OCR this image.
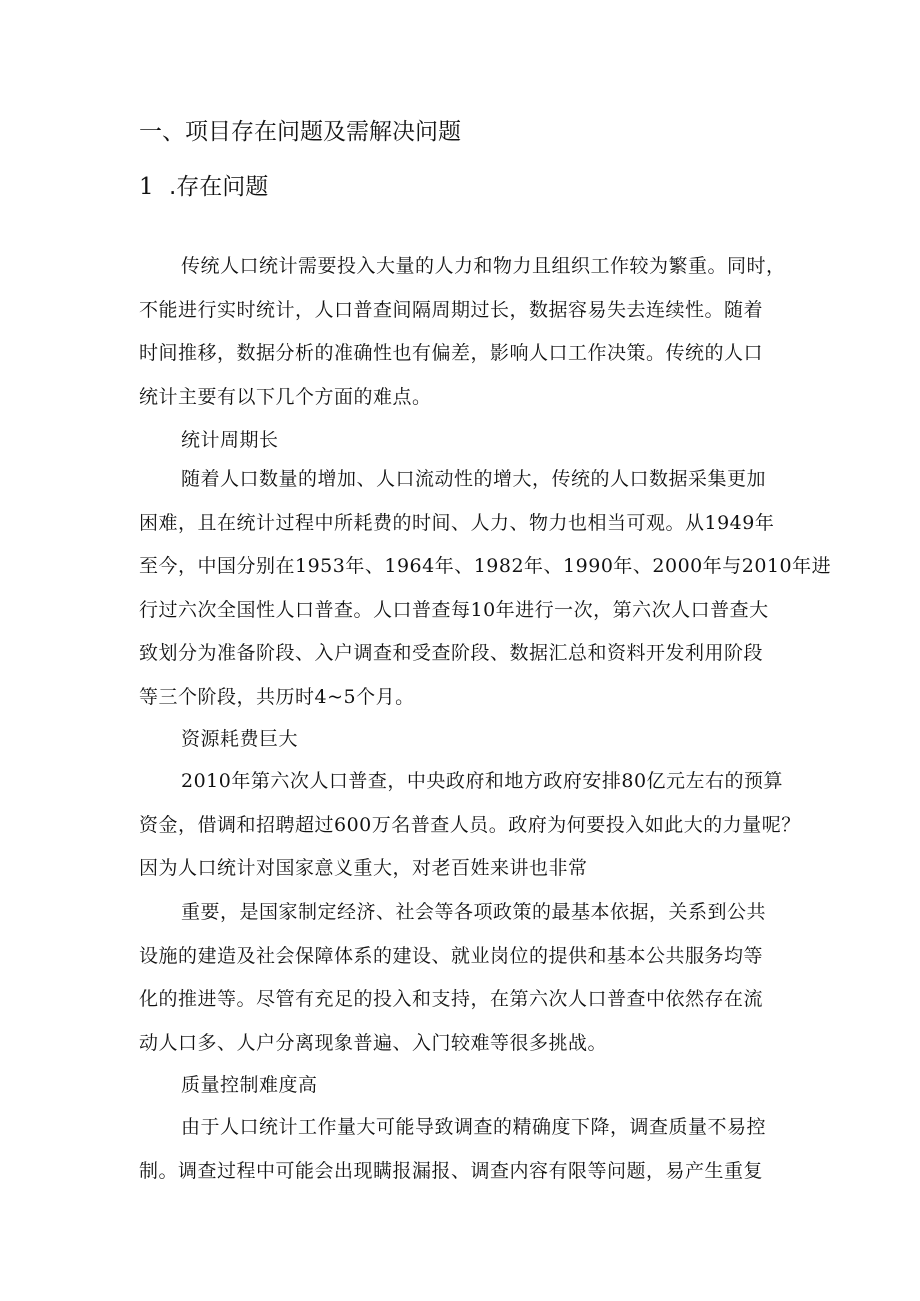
一、项目存在问题及需解决问题
1 .存在问题
传统人口统计需要投入大量的人力和物力且组织工作较为繁重。同时，
不能进行实时统计，人口普查间隔周期过长，数据容易失去连续性。随着
时间推移，数据分析的准确性也有偏差，影响人口工作决策。传统的人口
统计主要有以下几个方面的难点。
统计周期长
随着人口数量的增加、人口流动性的增大，传统的人口数据采集更加
困难，且在统计过程中所耗费的时间、人力、物力也相当可观。从1949年
至今，中国分别在1953年、1964年、1982年、1990年、2000年与2010年进
行过六次全国性人口普查。人口普查每10年进行一次，第六次人口普查大
致划分为准备阶段、入户调查和受查阶段、数据汇总和资料开发利用阶段
等三个阶段，共历时4~5个月。
资源耗费巨大
2010年第六次人口普查，中央政府和地方政府安排80亿元左右的预算
资金，借调和招聘超过600万名普查人员。政府为何要投入如此大的力量呢？
因为人口统计对国家意义重大，对老百姓来讲也非常
重要，是国家制定经济、社会等各项政策的最基本依据，关系到公共
设施的建造及社会保障体系的建设、就业岗位的提供和基本公共服务均等
化的推进等。尽管有充足的投入和支持，在第六次人口普查中依然存在流
动人口多、人户分离现象普遍、入门较难等很多挑战。
质量控制难度高
由于人口统计工作量大可能导致调查的精确度下降，调查质量不易控
制。调查过程中可能会出现瞒报漏报、调查内容有限等问题，易产生重复
